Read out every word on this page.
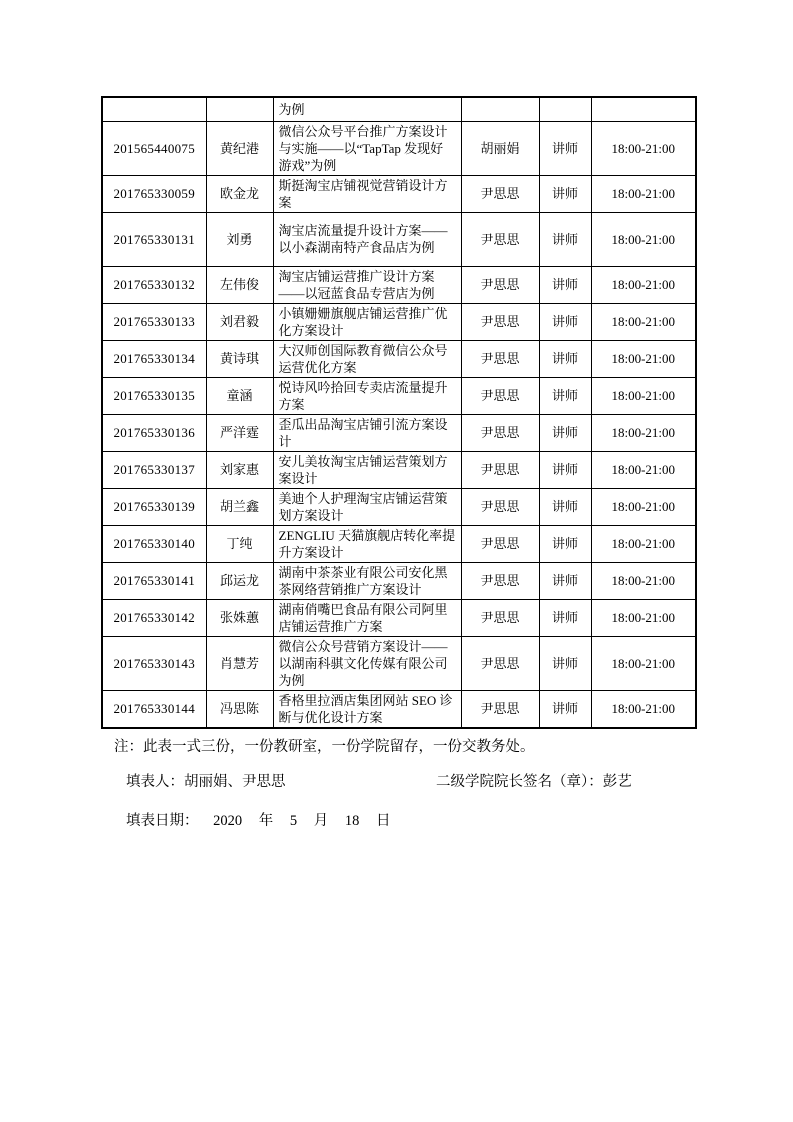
		为例			
201565440075	黄纪港	微信公众号平台推广方案设计与实施——以“TapTap 发现好游戏”为例	胡丽娟	讲师	18:00-21:00
201765330059	欧金龙	斯挺淘宝店铺视觉营销设计方案	尹思思	讲师	18:00-21:00
201765330131	刘勇	淘宝店流量提升设计方案——以小森湖南特产食品店为例	尹思思	讲师	18:00-21:00
201765330132	左伟俊	淘宝店铺运营推广设计方案——以冠蓝食品专营店为例	尹思思	讲师	18:00-21:00
201765330133	刘君毅	小镇姗姗旗舰店铺运营推广优化方案设计	尹思思	讲师	18:00-21:00
201765330134	黄诗琪	大汉师创国际教育微信公众号运营优化方案	尹思思	讲师	18:00-21:00
201765330135	童涵	悦诗风吟拾回专卖店流量提升方案	尹思思	讲师	18:00-21:00
201765330136	严洋霆	歪瓜出品淘宝店铺引流方案设计	尹思思	讲师	18:00-21:00
201765330137	刘家惠	安儿美妆淘宝店铺运营策划方案设计	尹思思	讲师	18:00-21:00
201765330139	胡兰鑫	美迪个人护理淘宝店铺运营策划方案设计	尹思思	讲师	18:00-21:00
201765330140	丁纯	ZENGLIU 天猫旗舰店转化率提升方案设计	尹思思	讲师	18:00-21:00
201765330141	邱运龙	湖南中茶茶业有限公司安化黑茶网络营销推广方案设计	尹思思	讲师	18:00-21:00
201765330142	张姝蕙	湖南俏嘴巴食品有限公司阿里店铺运营推广方案	尹思思	讲师	18:00-21:00
201765330143	肖慧芳	微信公众号营销方案设计——以湖南科骐文化传媒有限公司为例	尹思思	讲师	18:00-21:00
201765330144	冯思陈	香格里拉酒店集团网站 SEO 诊断与优化设计方案	尹思思	讲师	18:00-21:00
注：此表一式三份，一份教研室，一份学院留存，一份交教务处。
填表人：胡丽娟、尹思思	二级学院院长签名（章）：彭艺
填表日期： 2020 年 5 月 18 日
